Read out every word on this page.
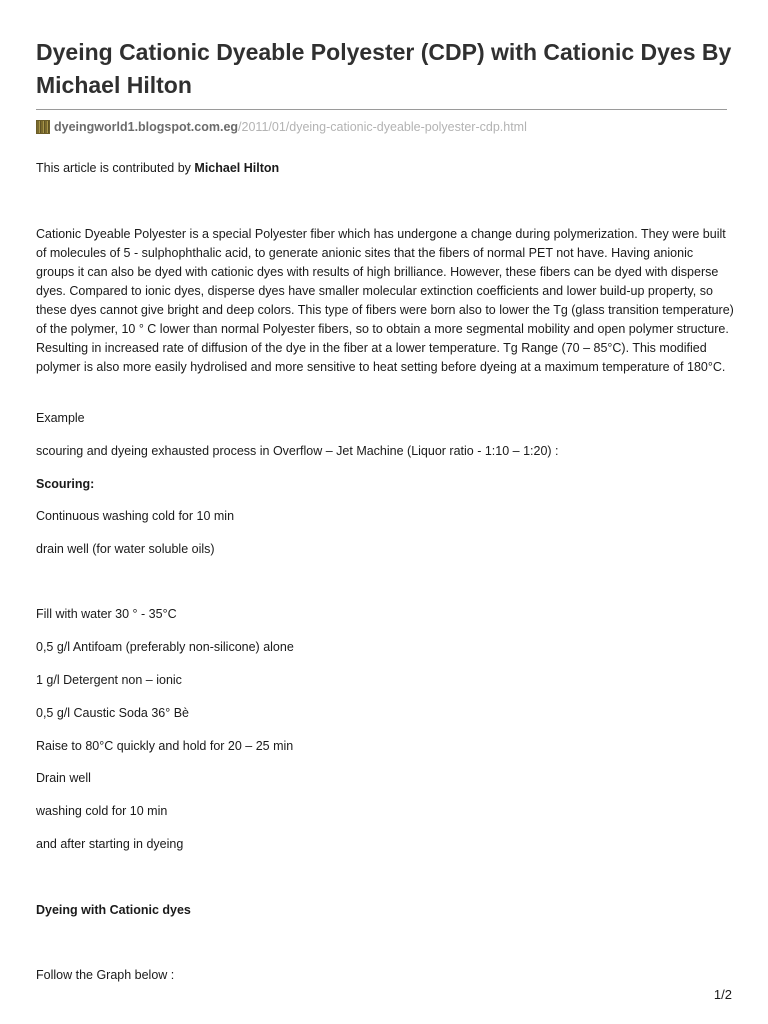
Dyeing Cationic Dyeable Polyester (CDP) with Cationic Dyes By Michael Hilton
dyeingworld1.blogspot.com.eg /2011/01/dyeing-cationic-dyeable-polyester-cdp.html

This article is contributed by Michael Hilton

Cationic Dyeable Polyester is a special Polyester fiber which has undergone a change during polymerization. They were built of molecules of 5 - sulphophthalic acid, to generate anionic sites that the fibers of normal PET not have. Having anionic groups it can also be dyed with cationic dyes with results of high brilliance. However, these fibers can be dyed with disperse dyes. Compared to ionic dyes, disperse dyes have smaller molecular extinction coefficients and lower build-up property, so these dyes cannot give bright and deep colors. This type of fibers were born also to lower the Tg (glass transition temperature) of the polymer, 10 ° C lower than normal Polyester fibers, so to obtain a more segmental mobility and open polymer structure. Resulting in increased rate of diffusion of the dye in the fiber at a lower temperature. Tg Range (70 – 85°C). This modified polymer is also more easily hydrolised and more sensitive to heat setting before dyeing at a maximum temperature of 180°C.

Example

scouring and dyeing exhausted process in Overflow – Jet Machine (Liquor ratio - 1:10 – 1:20) :

Scouring:

Continuous washing cold for 10 min

drain well (for water soluble oils)

Fill with water 30 ° - 35°C

0,5 g/l Antifoam (preferably non-silicone) alone

1 g/l Detergent non – ionic

0,5 g/l Caustic Soda 36° Bè

Raise to 80°C quickly and hold for 20 – 25 min

Drain well

washing cold for 10 min

and after starting in dyeing

Dyeing with Cationic dyes

Follow the Graph below :

1/2
